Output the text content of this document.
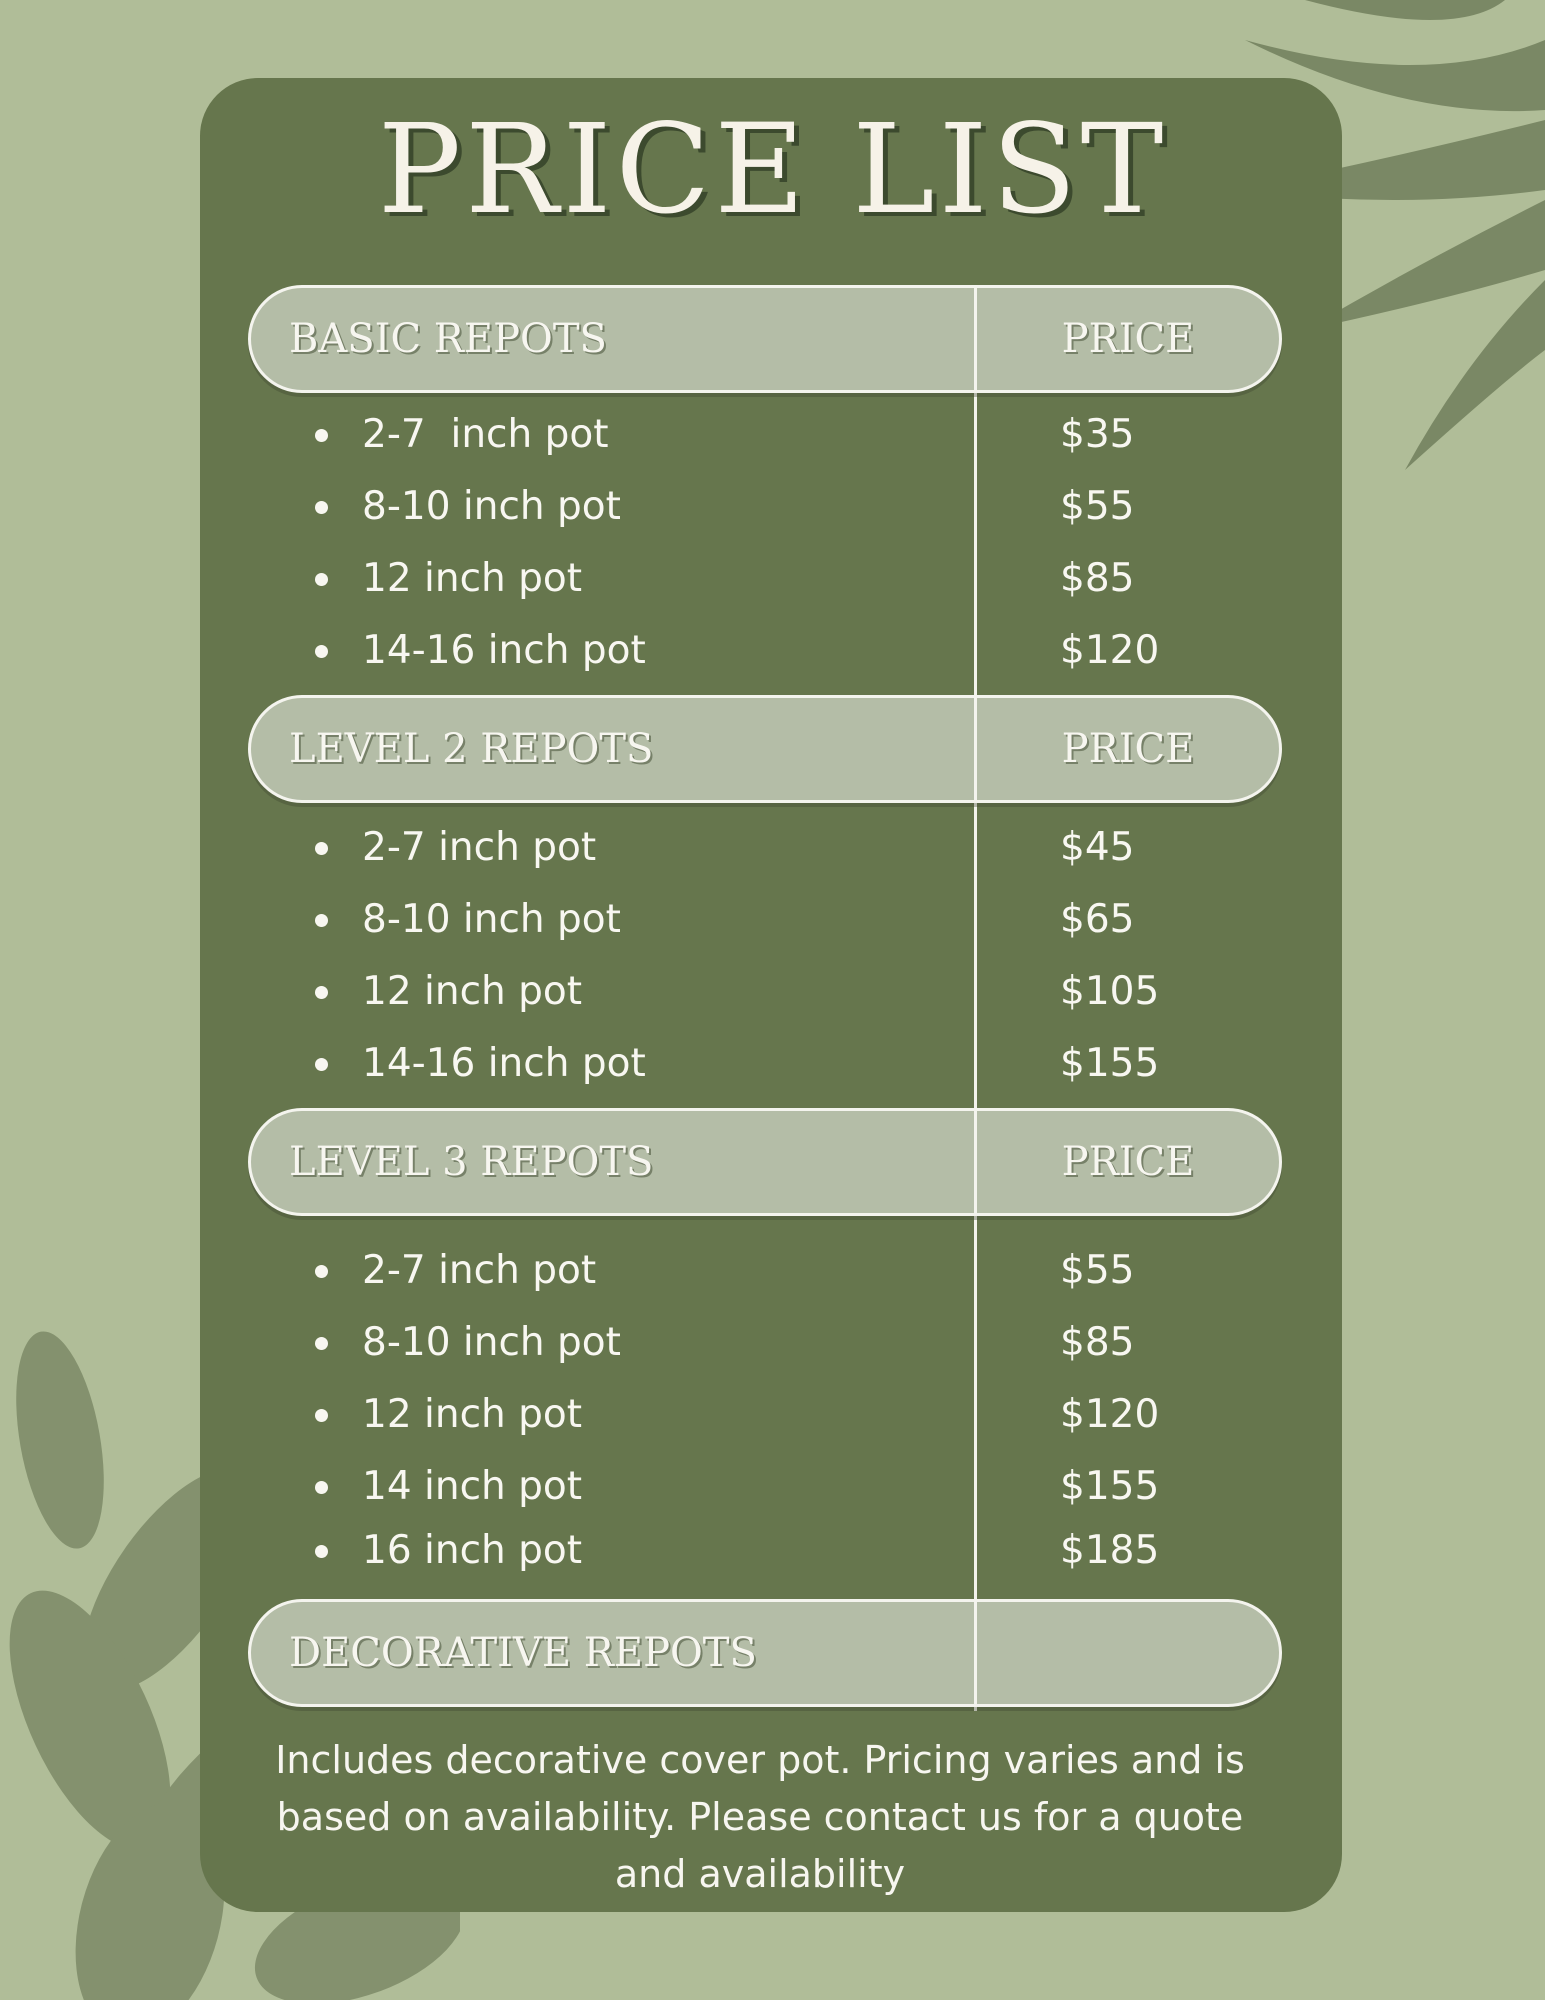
PRICE LIST
BASIC REPOTS	PRICE
2-7  inch pot	$35
8-10 inch pot	$55
12 inch pot	$85
14-16 inch pot	$120
LEVEL 2 REPOTS	PRICE
2-7 inch pot	$45
8-10 inch pot	$65
12 inch pot	$105
14-16 inch pot	$155
LEVEL 3 REPOTS	PRICE
2-7 inch pot	$55
8-10 inch pot	$85
12 inch pot	$120
14 inch pot	$155
16 inch pot	$185
DECORATIVE REPOTS

Includes decorative cover pot. Pricing varies and is based on availability. Please contact us for a quote and availability
